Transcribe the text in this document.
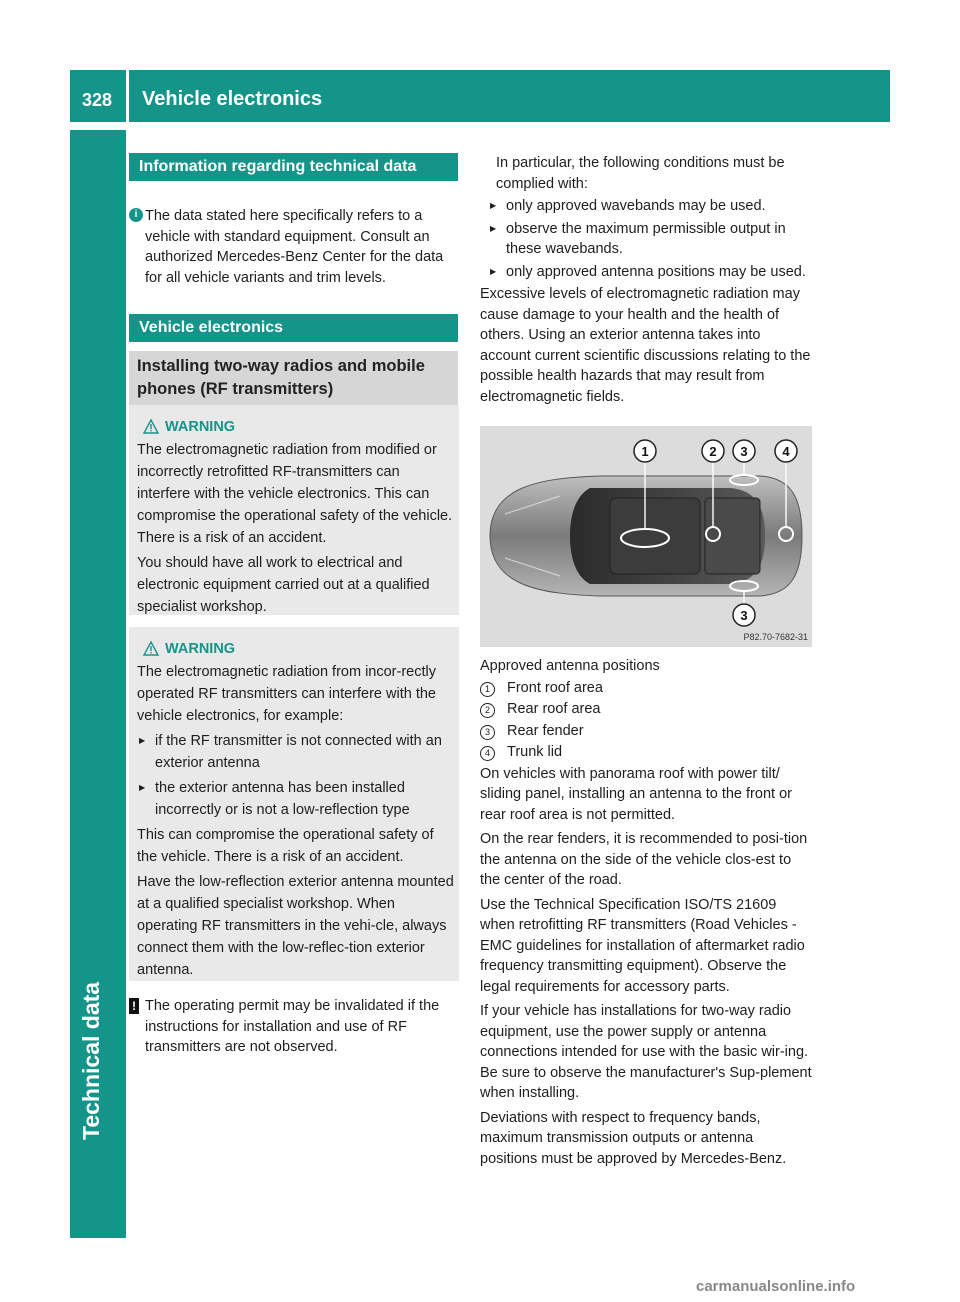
328 Vehicle electronics
Technical data
Information regarding technical data
i The data stated here specifically refers to a vehicle with standard equipment. Consult an authorized Mercedes-Benz Center for the data for all vehicle variants and trim levels.
Vehicle electronics
Installing two-way radios and mobile phones (RF transmitters)
WARNING

The electromagnetic radiation from modified or incorrectly retrofitted RF-transmitters can interfere with the vehicle electronics. This can compromise the operational safety of the vehicle. There is a risk of an accident.

You should have all work to electrical and electronic equipment carried out at a qualified specialist workshop.

WARNING

The electromagnetic radiation from incor-rectly operated RF transmitters can interfere with the vehicle electronics, for example:

▶ if the RF transmitter is not connected with an exterior antenna
▶ the exterior antenna has been installed incorrectly or is not a low-reflection type

This can compromise the operational safety of the vehicle. There is a risk of an accident.

Have the low-reflection exterior antenna mounted at a qualified specialist workshop. When operating RF transmitters in the vehi-cle, always connect them with the low-reflec-tion exterior antenna.

! The operating permit may be invalidated if the instructions for installation and use of RF transmitters are not observed.

In particular, the following conditions must be complied with:

▶ only approved wavebands may be used.
▶ observe the maximum permissible output in these wavebands.
▶ only approved antenna positions may be used.

Excessive levels of electromagnetic radiation may cause damage to your health and the health of others. Using an exterior antenna takes into account current scientific discussions relating to the possible health hazards that may result from electromagnetic fields.

1	2 3	4
3
P82.70-7682-31

Approved antenna positions

1	Front roof area
2	Rear roof area
3	Rear fender
4	Trunk lid

On vehicles with panorama roof with power tilt/ sliding panel, installing an antenna to the front or rear roof area is not permitted.

On the rear fenders, it is recommended to posi-tion the antenna on the side of the vehicle clos-est to the center of the road.

Use the Technical Specification ISO/TS 21609 when retrofitting RF transmitters (Road Vehicles - EMC guidelines for installation of aftermarket radio frequency transmitting equipment). Observe the legal requirements for accessory parts.

If your vehicle has installations for two-way radio equipment, use the power supply or antenna connections intended for use with the basic wir-ing. Be sure to observe the manufacturer's Sup-plement when installing.

Deviations with respect to frequency bands, maximum transmission outputs or antenna positions must be approved by Mercedes-Benz.

carmanualsonline.info
